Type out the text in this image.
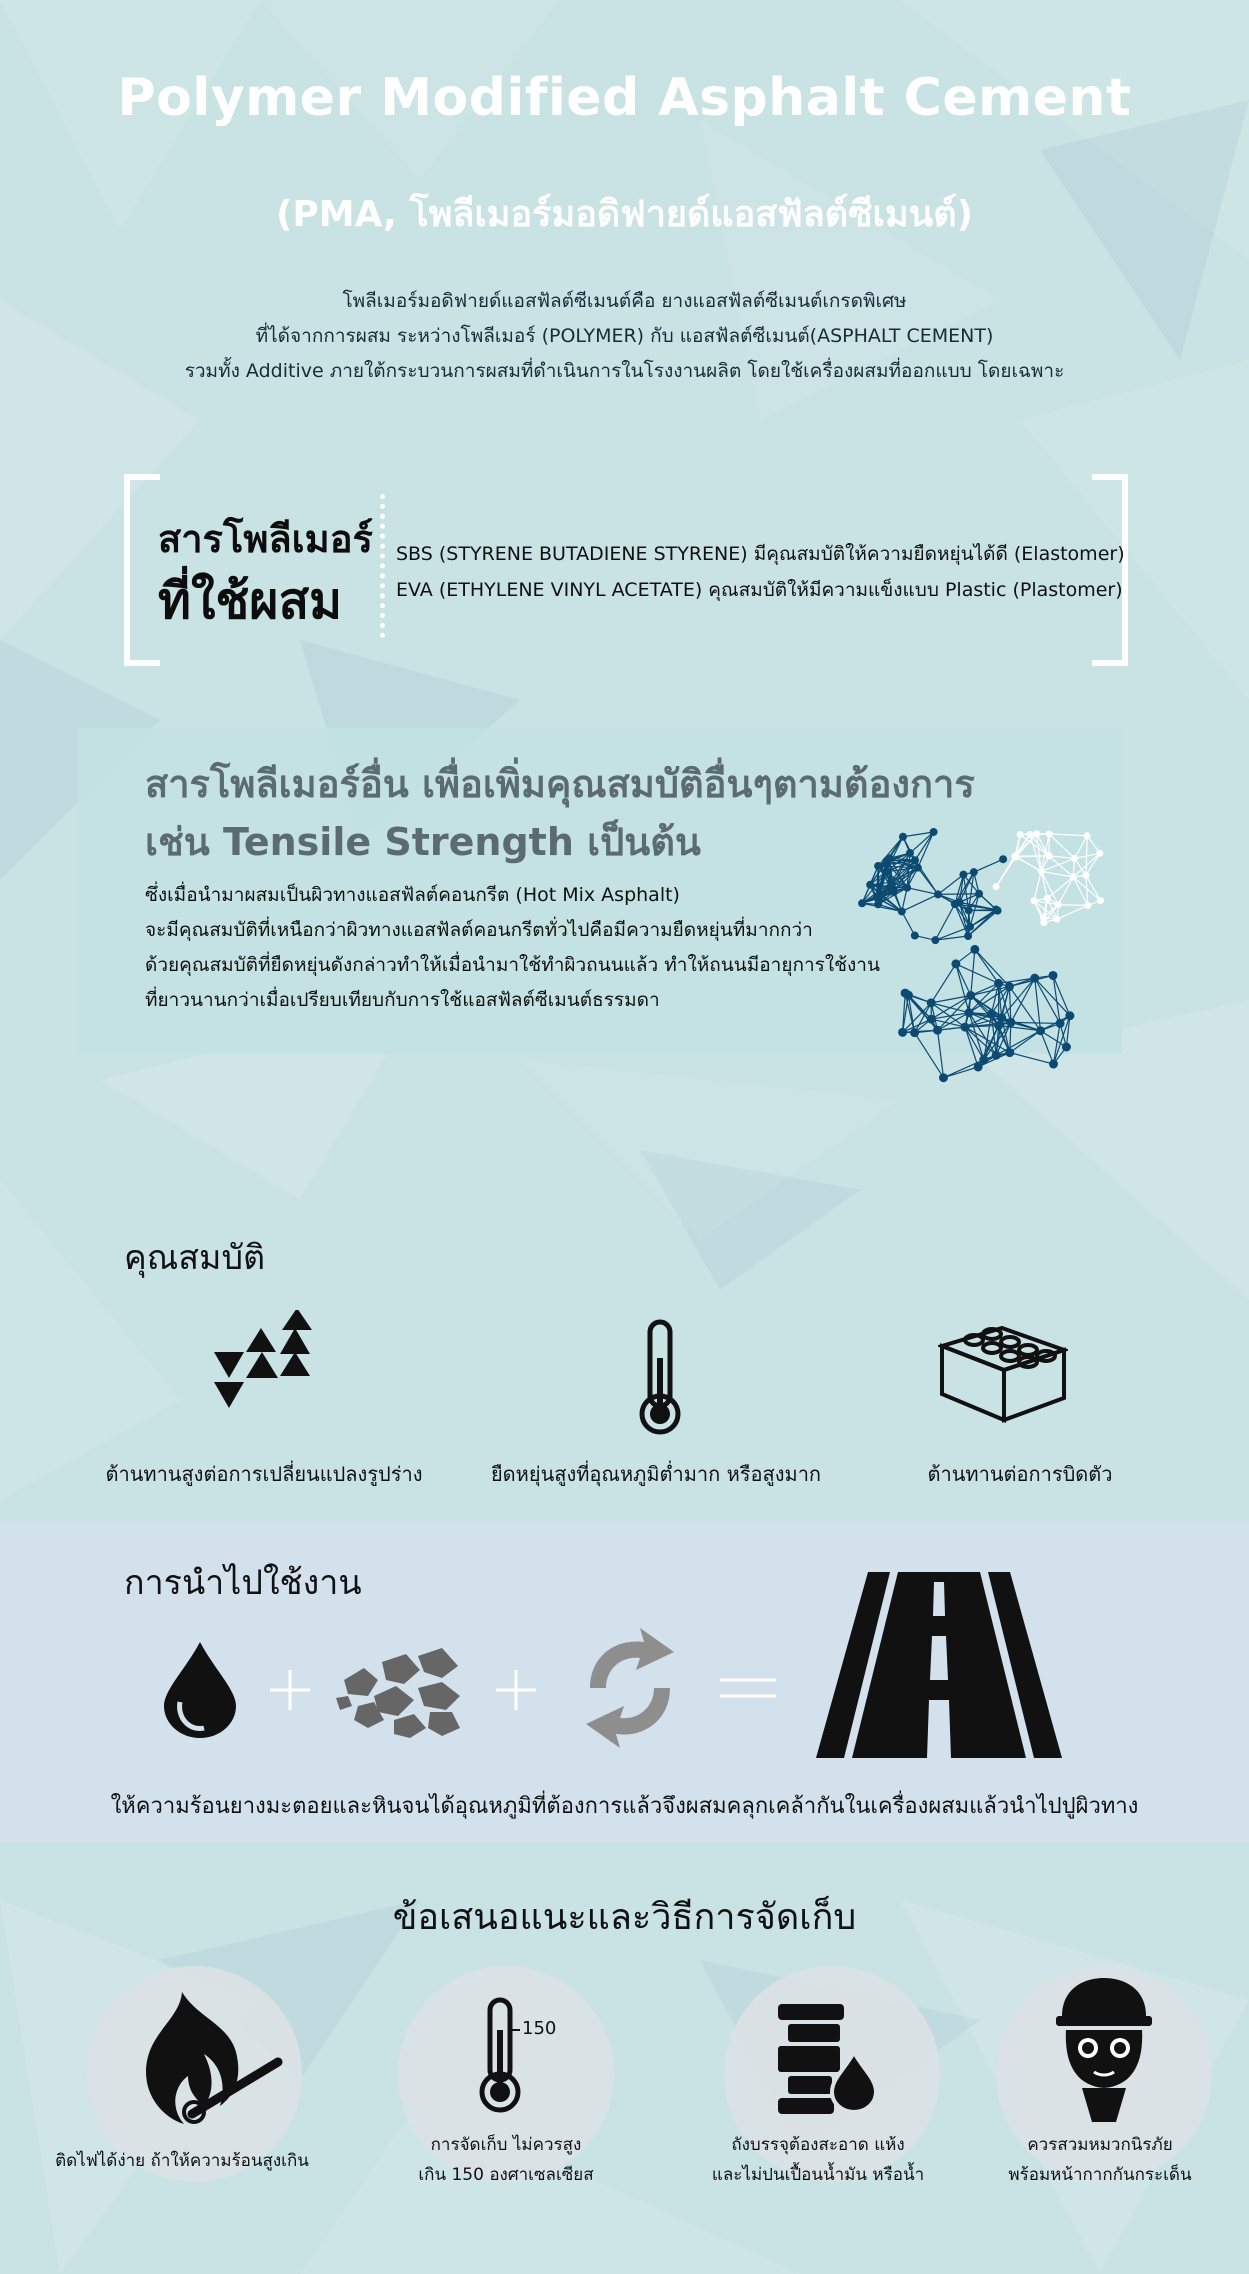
Polymer Modified Asphalt Cement
(PMA, โพลีเมอร์มอดิฟายด์แอสฟัลต์ซีเมนต์)
โพลีเมอร์มอดิฟายด์แอสฟัลต์ซีเมนต์คือ ยางแอสฟัลต์ซีเมนต์เกรดพิเศษ
ที่ได้จากการผสม ระหว่างโพลีเมอร์ (POLYMER) กับ แอสฟัลต์ซีเมนต์(ASPHALT CEMENT)
รวมทั้ง Additive ภายใต้กระบวนการผสมที่ดำเนินการในโรงงานผลิต โดยใช้เครื่องผสมที่ออกแบบ โดยเฉพาะ
สารโพลีเมอร์
ที่ใช้ผสม
SBS (STYRENE BUTADIENE STYRENE) มีคุณสมบัติให้ความยืดหยุ่นได้ดี (Elastomer)
EVA (ETHYLENE VINYL ACETATE) คุณสมบัติให้มีความแข็งแบบ Plastic (Plastomer)
สารโพลีเมอร์อื่น เพื่อเพิ่มคุณสมบัติอื่นๆตามต้องการ
เช่น Tensile Strength เป็นต้น
ซึ่งเมื่อนำมาผสมเป็นผิวทางแอสฟัลต์คอนกรีต (Hot Mix Asphalt)
จะมีคุณสมบัติที่เหนือกว่าผิวทางแอสฟัลต์คอนกรีตทั่วไปคือมีความยืดหยุ่นที่มากกว่า
ด้วยคุณสมบัติที่ยืดหยุ่นดังกล่าวทำให้เมื่อนำมาใช้ทำผิวถนนแล้ว ทำให้ถนนมีอายุการใช้งาน
ที่ยาวนานกว่าเมื่อเปรียบเทียบกับการใช้แอสฟัลต์ซีเมนต์ธรรมดา
คุณสมบัติ
ต้านทานสูงต่อการเปลี่ยนแปลงรูปร่าง	ยืดหยุ่นสูงที่อุณหภูมิต่ำมาก หรือสูงมาก	ต้านทานต่อการบิดตัว
การนำไปใช้งาน
ให้ความร้อนยางมะตอยและหินจนได้อุณหภูมิที่ต้องการแล้วจึงผสมคลุกเคล้ากันในเครื่องผสมแล้วนำไปปูผิวทาง
ข้อเสนอแนะและวิธีการจัดเก็บ
ติดไฟได้ง่าย ถ้าให้ความร้อนสูงเกิน
150
การจัดเก็บ ไม่ควรสูง
เกิน 150 องศาเซลเซียส
ถังบรรจุต้องสะอาด แห้ง
และไม่ปนเปื้อนน้ำมัน หรือน้ำ
ควรสวมหมวกนิรภัย
พร้อมหน้ากากกันกระเด็น
